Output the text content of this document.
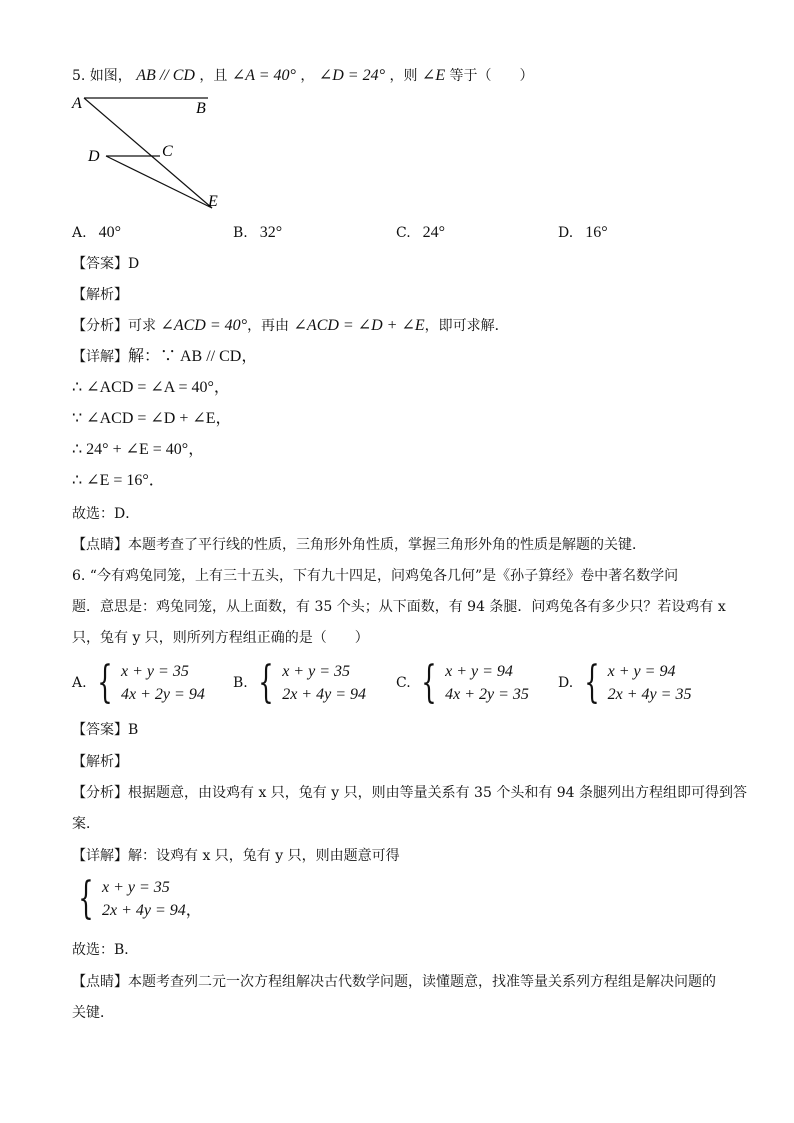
5. 如图， AB // CD ，且 ∠A = 40° ， ∠D = 24° ，则 ∠E 等于（　　）
A	B
C
D
E
A. 40°	B. 32°	C. 24°	D. 16°
【答案】D
【解析】
【分析】可求 ∠ACD = 40°，再由 ∠ACD = ∠D + ∠E，即可求解．
【详解】解：∵ AB // CD，
∴ ∠ACD = ∠A = 40°，
∵ ∠ACD = ∠D + ∠E，
∴ 24° + ∠E = 40°，
∴ ∠E = 16°．
故选：D．
【点睛】本题考查了平行线的性质，三角形外角性质，掌握三角形外角的性质是解题的关键．
6. “今有鸡兔同笼，上有三十五头，下有九十四足，问鸡兔各几何”是《孙子算经》卷中著名数学问
题．意思是：鸡兔同笼，从上面数，有 35 个头；从下面数，有 94 条腿．问鸡兔各有多少只？若设鸡有 x
只，兔有 y 只，则所列方程组正确的是（　　）
A. { x + y = 35
4x + 2y = 94
B. { x + y = 35
2x + 4y = 94
C. { x + y = 94
4x + 2y = 35
D. { x + y = 94
2x + 4y = 35
【答案】B
【解析】
【分析】根据题意，由设鸡有 x 只，兔有 y 只，则由等量关系有 35 个头和有 94 条腿列出方程组即可得到答
案．
【详解】解：设鸡有 x 只，兔有 y 只，则由题意可得
{ x + y = 35
2x + 4y = 94，
故选：B．
【点睛】本题考查列二元一次方程组解决古代数学问题，读懂题意，找准等量关系列方程组是解决问题的
关键．
